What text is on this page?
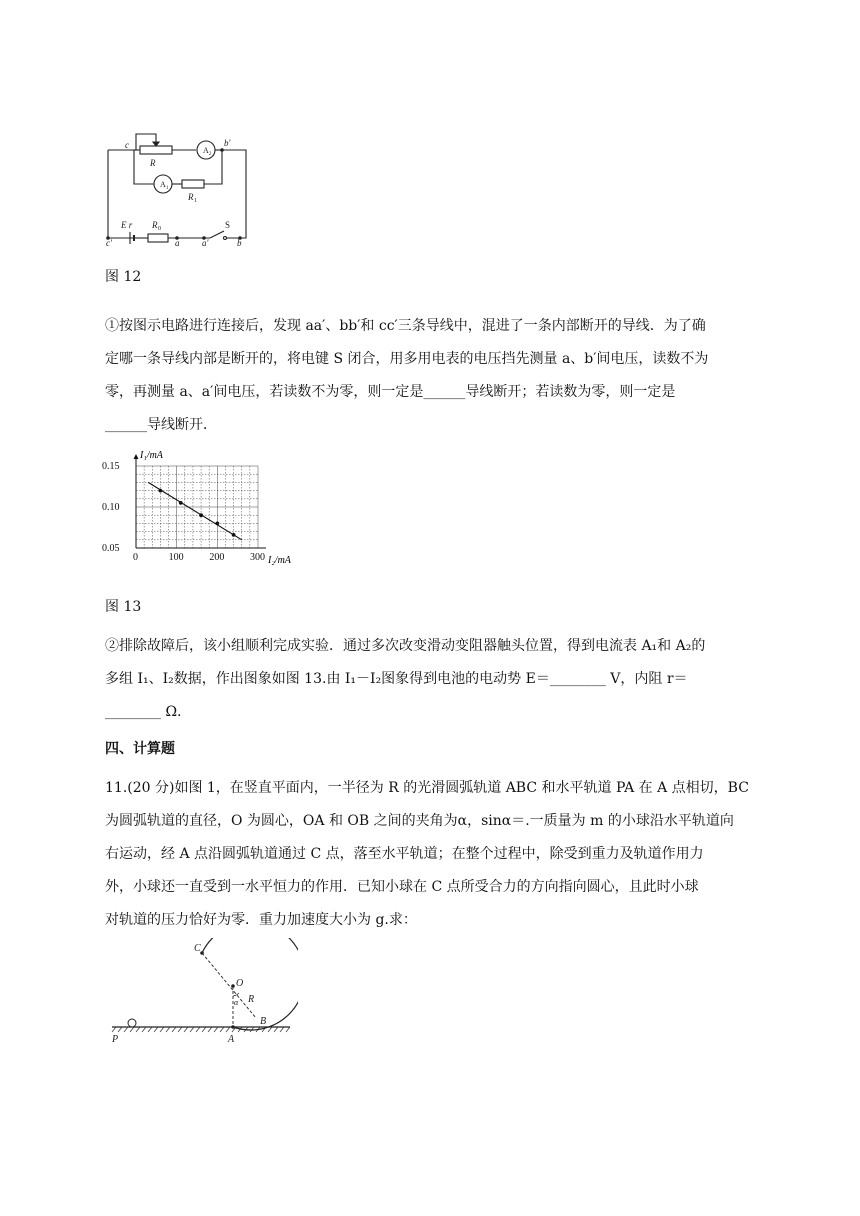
c	b′
R
A 2
A 1
R 1
E r R 0	S
c′	a	a′	b
图 12
①按图示电路进行连接后，发现 aa′、bb′和 cc′三条导线中，混进了一条内部断开的导线．为了确
定哪一条导线内部是断开的，将电键 S 闭合，用多用电表的电压挡先测量 a、b′间电压，读数不为
零，再测量 a、a′间电压，若读数不为零，则一定是______导线断开；若读数为零，则一定是
______导线断开．
0.15
0.10
0.05
0	100	200	300
I₁/mA
I₂/mA
图 13
②排除故障后，该小组顺利完成实验．通过多次改变滑动变阻器触头位置，得到电流表 A₁和 A₂的
多组 I₁、I₂数据，作出图象如图 13.由 I₁－I₂图象得到电池的电动势 E＝________ V，内阻 r＝
________ Ω.
四、计算题
11.(20 分)如图 1，在竖直平面内，一半径为 R 的光滑圆弧轨道 ABC 和水平轨道 PA 在 A 点相切，BC
为圆弧轨道的直径，O 为圆心，OA 和 OB 之间的夹角为α，sinα＝.一质量为 m 的小球沿水平轨道向
右运动，经 A 点沿圆弧轨道通过 C 点，落至水平轨道；在整个过程中，除受到重力及轨道作用力
外，小球还一直受到一水平恒力的作用．已知小球在 C 点所受合力的方向指向圆心，且此时小球
对轨道的压力恰好为零．重力加速度大小为 g.求：
C
O
α R
B
P	A
